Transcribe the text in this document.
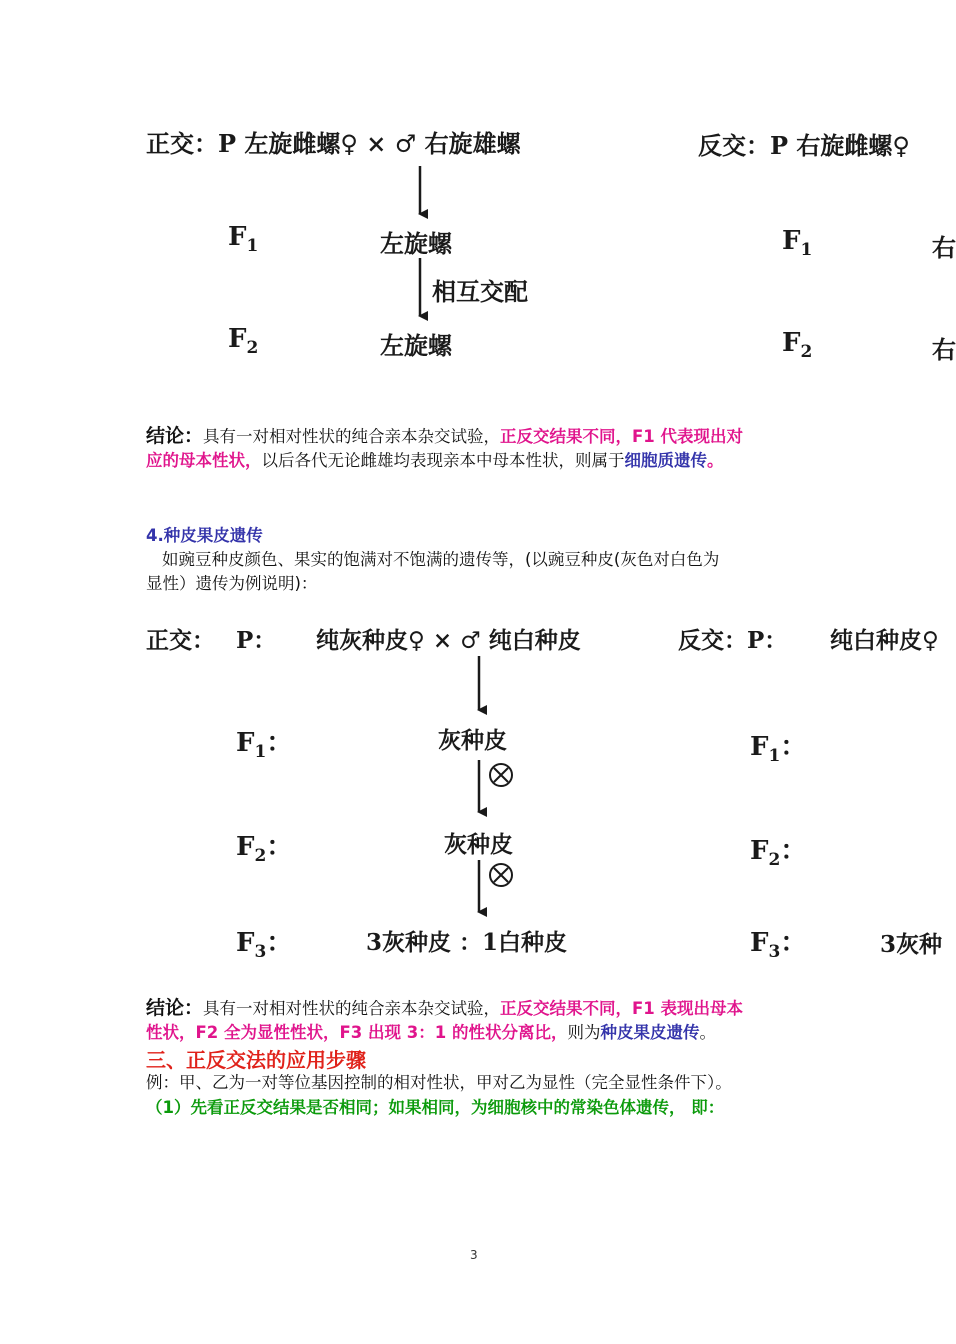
正交：P 左旋雌螺♀ × ♂ 右旋雄螺	反交：P 右旋雌螺♀
$F_1$	左旋螺	$F_1$	右
相互交配
$F_2$	左旋螺	$F_2$	右
结论：具有一对相对性状的纯合亲本杂交试验，正反交结果不同，F1 代表现出对
应的母本性状，以后各代无论雌雄均表现亲本中母本性状，则属于细胞质遗传。
4.种皮果皮遗传
如豌豆种皮颜色、果实的饱满对不饱满的遗传等，(以豌豆种皮(灰色对白色为
显性）遗传为例说明)：
正交： P： 纯灰种皮♀ × ♂ 纯白种皮	反交：P： 纯白种皮♀
$F_1$：	灰种皮	$F_1$：
$F_2$：	灰种皮	$F_2$：
$F_3$：	3灰种皮 ：1白种皮	$F_3$：	3灰种
结论：具有一对相对性状的纯合亲本杂交试验，正反交结果不同，F1 表现出母本
性状，F2 全为显性性状，F3 出现 3：1 的性状分离比，则为种皮果皮遗传。
三、正反交法的应用步骤
例：甲、乙为一对等位基因控制的相对性状，甲对乙为显性（完全显性条件下）。
（1）先看正反交结果是否相同；如果相同，为细胞核中的常染色体遗传， 即：
3
